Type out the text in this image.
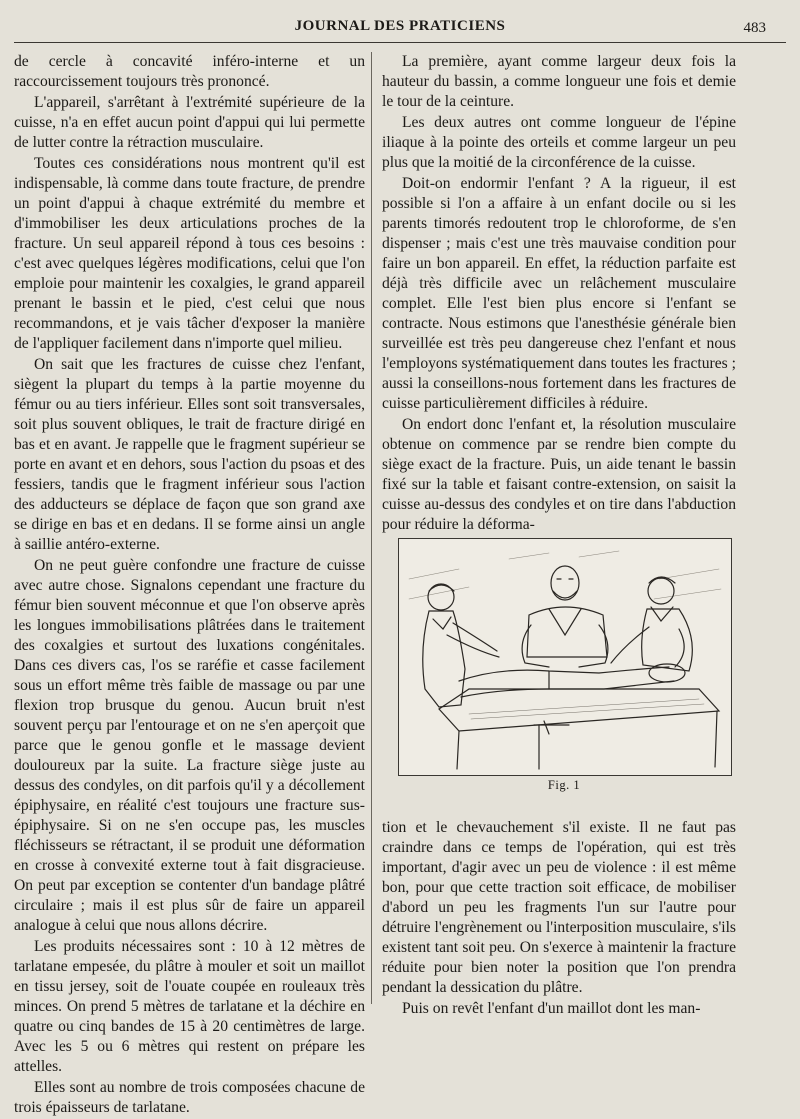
JOURNAL DES PRATICIENS	483

de cercle à concavité inféro-interne et un raccourcissement toujours très prononcé.

L'appareil, s'arrêtant à l'extrémité supérieure de la cuisse, n'a en effet aucun point d'appui qui lui permette de lutter contre la rétraction musculaire.

Toutes ces considérations nous montrent qu'il est indispensable, là comme dans toute fracture, de prendre un point d'appui à chaque extrémité du membre et d'immobiliser les deux articulations proches de la fracture. Un seul appareil répond à tous ces besoins : c'est avec quelques légères modifications, celui que l'on emploie pour maintenir les coxalgies, le grand appareil prenant le bassin et le pied, c'est celui que nous recommandons, et je vais tâcher d'exposer la manière de l'appliquer facilement dans n'importe quel milieu.

On sait que les fractures de cuisse chez l'enfant, siègent la plupart du temps à la partie moyenne du fémur ou au tiers inférieur. Elles sont soit transversales, soit plus souvent obliques, le trait de fracture dirigé en bas et en avant. Je rappelle que le fragment supérieur se porte en avant et en dehors, sous l'action du psoas et des fessiers, tandis que le fragment inférieur sous l'action des adducteurs se déplace de façon que son grand axe se dirige en bas et en dedans. Il se forme ainsi un angle à saillie antéro-externe.

On ne peut guère confondre une fracture de cuisse avec autre chose. Signalons cependant une fracture du fémur bien souvent méconnue et que l'on observe après les longues immobilisations plâtrées dans le traitement des coxalgies et surtout des luxations congénitales. Dans ces divers cas, l'os se raréfie et casse facilement sous un effort même très faible de massage ou par une flexion trop brusque du genou. Aucun bruit n'est souvent perçu par l'entourage et on ne s'en aperçoit que parce que le genou gonfle et le massage devient douloureux par la suite. La fracture siège juste au dessus des condyles, on dit parfois qu'il y a décollement épiphysaire, en réalité c'est toujours une fracture sus-épiphysaire. Si on ne s'en occupe pas, les muscles fléchisseurs se rétractant, il se produit une déformation en crosse à convexité externe tout à fait disgracieuse. On peut par exception se contenter d'un bandage plâtré circulaire ; mais il est plus sûr de faire un appareil analogue à celui que nous allons décrire.

Les produits nécessaires sont : 10 à 12 mètres de tarlatane empesée, du plâtre à mouler et soit un maillot en tissu jersey, soit de l'ouate coupée en rouleaux très minces. On prend 5 mètres de tarlatane et la déchire en quatre ou cinq bandes de 15 à 20 centimètres de large. Avec les 5 ou 6 mètres qui restent on prépare les attelles.

Elles sont au nombre de trois composées chacune de trois épaisseurs de tarlatane.

La première, ayant comme largeur deux fois la hauteur du bassin, a comme longueur une fois et demie le tour de la ceinture.

Les deux autres ont comme longueur de l'épine iliaque à la pointe des orteils et comme largeur un peu plus que la moitié de la circonférence de la cuisse.

Doit-on endormir l'enfant ? A la rigueur, il est possible si l'on a affaire à un enfant docile ou si les parents timorés redoutent trop le chloroforme, de s'en dispenser ; mais c'est une très mauvaise condition pour faire un bon appareil. En effet, la réduction parfaite est déjà très difficile avec un relâchement musculaire complet. Elle l'est bien plus encore si l'enfant se contracte. Nous estimons que l'anesthésie générale bien surveillée est très peu dangereuse chez l'enfant et nous l'employons systématiquement dans toutes les fractures ; aussi la conseillons-nous fortement dans les fractures de cuisse particulièrement difficiles à réduire.

On endort donc l'enfant et, la résolution musculaire obtenue on commence par se rendre bien compte du siège exact de la fracture. Puis, un aide tenant le bassin fixé sur la table et faisant contre-extension, on saisit la cuisse au-dessus des condyles et on tire dans l'abduction pour réduire la déforma-

Fig. 1

tion et le chevauchement s'il existe. Il ne faut pas craindre dans ce temps de l'opération, qui est très important, d'agir avec un peu de violence : il est même bon, pour que cette traction soit efficace, de mobiliser d'abord un peu les fragments l'un sur l'autre pour détruire l'engrènement ou l'interposition musculaire, s'ils existent tant soit peu. On s'exerce à maintenir la fracture réduite pour bien noter la position que l'on prendra pendant la dessication du plâtre.

Puis on revêt l'enfant d'un maillot dont les man-
